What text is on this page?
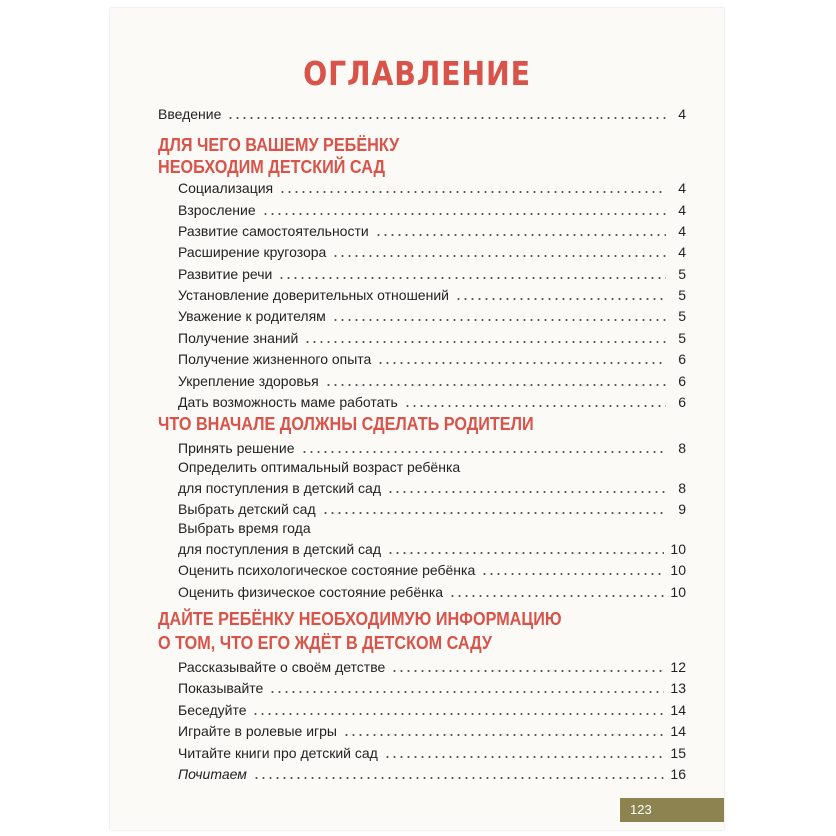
ОГЛАВЛЕНИЕ
Введение	4
ДЛЯ ЧЕГО ВАШЕМУ РЕБЁНКУ
НЕОБХОДИМ ДЕТСКИЙ САД
Социализация	4
Взросление	4
Развитие самостоятельности	4
Расширение кругозора	4
Развитие речи	5
Установление доверительных отношений	5
Уважение к родителям	5
Получение знаний	5
Получение жизненного опыта	6
Укрепление здоровья	6
Дать возможность маме работать	6
ЧТО ВНАЧАЛЕ ДОЛЖНЫ СДЕЛАТЬ РОДИТЕЛИ
Принять решение	8
Определить оптимальный возраст ребёнка
для поступления в детский сад	8
Выбрать детский сад	9
Выбрать время года
для поступления в детский сад	10
Оценить психологическое состояние ребёнка	10
Оценить физическое состояние ребёнка	10
ДАЙТЕ РЕБЁНКУ НЕОБХОДИМУЮ ИНФОРМАЦИЮ
О ТОМ, ЧТО ЕГО ЖДЁТ В ДЕТСКОМ САДУ
Рассказывайте о своём детстве	12
Показывайте	13
Беседуйте	14
Играйте в ролевые игры	14
Читайте книги про детский сад	15
Почитаем	16
123
